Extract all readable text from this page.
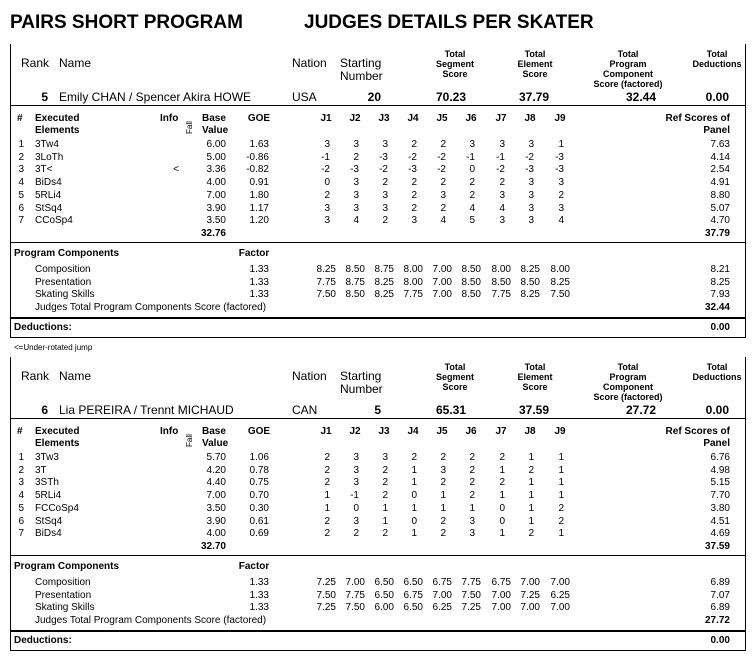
PAIRS SHORT PROGRAM	JUDGES DETAILS PER SKATER
Rank Name	Nation Starting
Number
Total
Segment
Score
Total
Element
Score
Total
Program
Component
Score (factored)
Total
Deductions
5 Emily CHAN / Spencer Akira HOWE	USA	20	70.23	37.79	32.44	0.00
# Executed
Elements
Info
Fall
Base
Value
GOE	J1	J2	J3	J4	J5	J6	J7	J8	J9	Ref Scores of
Panel
1 3Tw4	6.00	1.63	3	3	3	2	2	3	3	3	1	7.63
2 3LoTh	5.00	-0.86	-1	2	-3	-2	-2	-1	-1	-2	-3	4.14
3 3T<	<	3.36	-0.82	-2	-3	-2	-3	-2	0	-2	-3	-3	2.54
4 BiDs4	4.00	0.91	0	3	2	2	2	2	2	3	3	4.91
5 5RLi4	7.00	1.80	2	3	3	2	3	2	3	3	2	8.80
6 StSq4	3.90	1.17	3	3	3	2	2	4	4	3	3	5.07
7 CCoSp4	3.50	1.20	3	4	2	3	4	5	3	3	4	4.70
32.76	37.79
Program Components	Factor
Composition	1.33	8.25 8.50 8.75 8.00 7.00 8.50	8.00 8.25	8.00	8.21
Presentation	1.33	7.75 8.75 8.25 8.00 7.00 8.50	8.50 8.50	8.25	8.25
Skating Skills	1.33	7.50 8.50 8.25 7.75 7.00 8.50	7.75 8.25	7.50	7.93
Judges Total Program Components Score (factored)	32.44
Deductions:	0.00
Rank Name	Nation Starting
Number
Total
Segment
Score
Total
Element
Score
Total
Program
Component
Score (factored)
Total
Deductions
6 Lia PEREIRA / Trennt MICHAUD	CAN	5	65.31	37.59	27.72	0.00
# Executed
Elements
Info
Fall
Base
Value
GOE	J1	J2	J3	J4	J5	J6	J7	J8	J9	Ref Scores of
Panel
1 3Tw3	5.70	1.06	2	3	3	2	2	2	2	1	1	6.76
2 3T	4.20	0.78	2	3	2	1	3	2	1	2	1	4.98
3 3STh	4.40	0.75	2	3	2	1	2	2	2	1	1	5.15
4 5RLi4	7.00	0.70	1	-1	2	0	1	2	1	1	1	7.70
5 FCCoSp4	3.50	0.30	1	0	1	1	1	1	0	1	2	3.80
6 StSq4	3.90	0.61	2	3	1	0	2	3	0	1	2	4.51
7 BiDs4	4.00	0.69	2	2	2	1	2	3	1	2	1	4.69
32.70	37.59
Program Components	Factor
Composition	1.33	7.25 7.00 6.50 6.50 6.75 7.75	6.75 7.00	7.00	6.89
Presentation	1.33	7.50 7.75 6.50 6.75 7.00 7.50	7.00 7.25	6.25	7.07
Skating Skills	1.33	7.25 7.50 6.00 6.50 6.25 7.25	7.00 7.00	7.00	6.89
Judges Total Program Components Score (factored)	27.72
Deductions:	0.00
<=Under-rotated jump
